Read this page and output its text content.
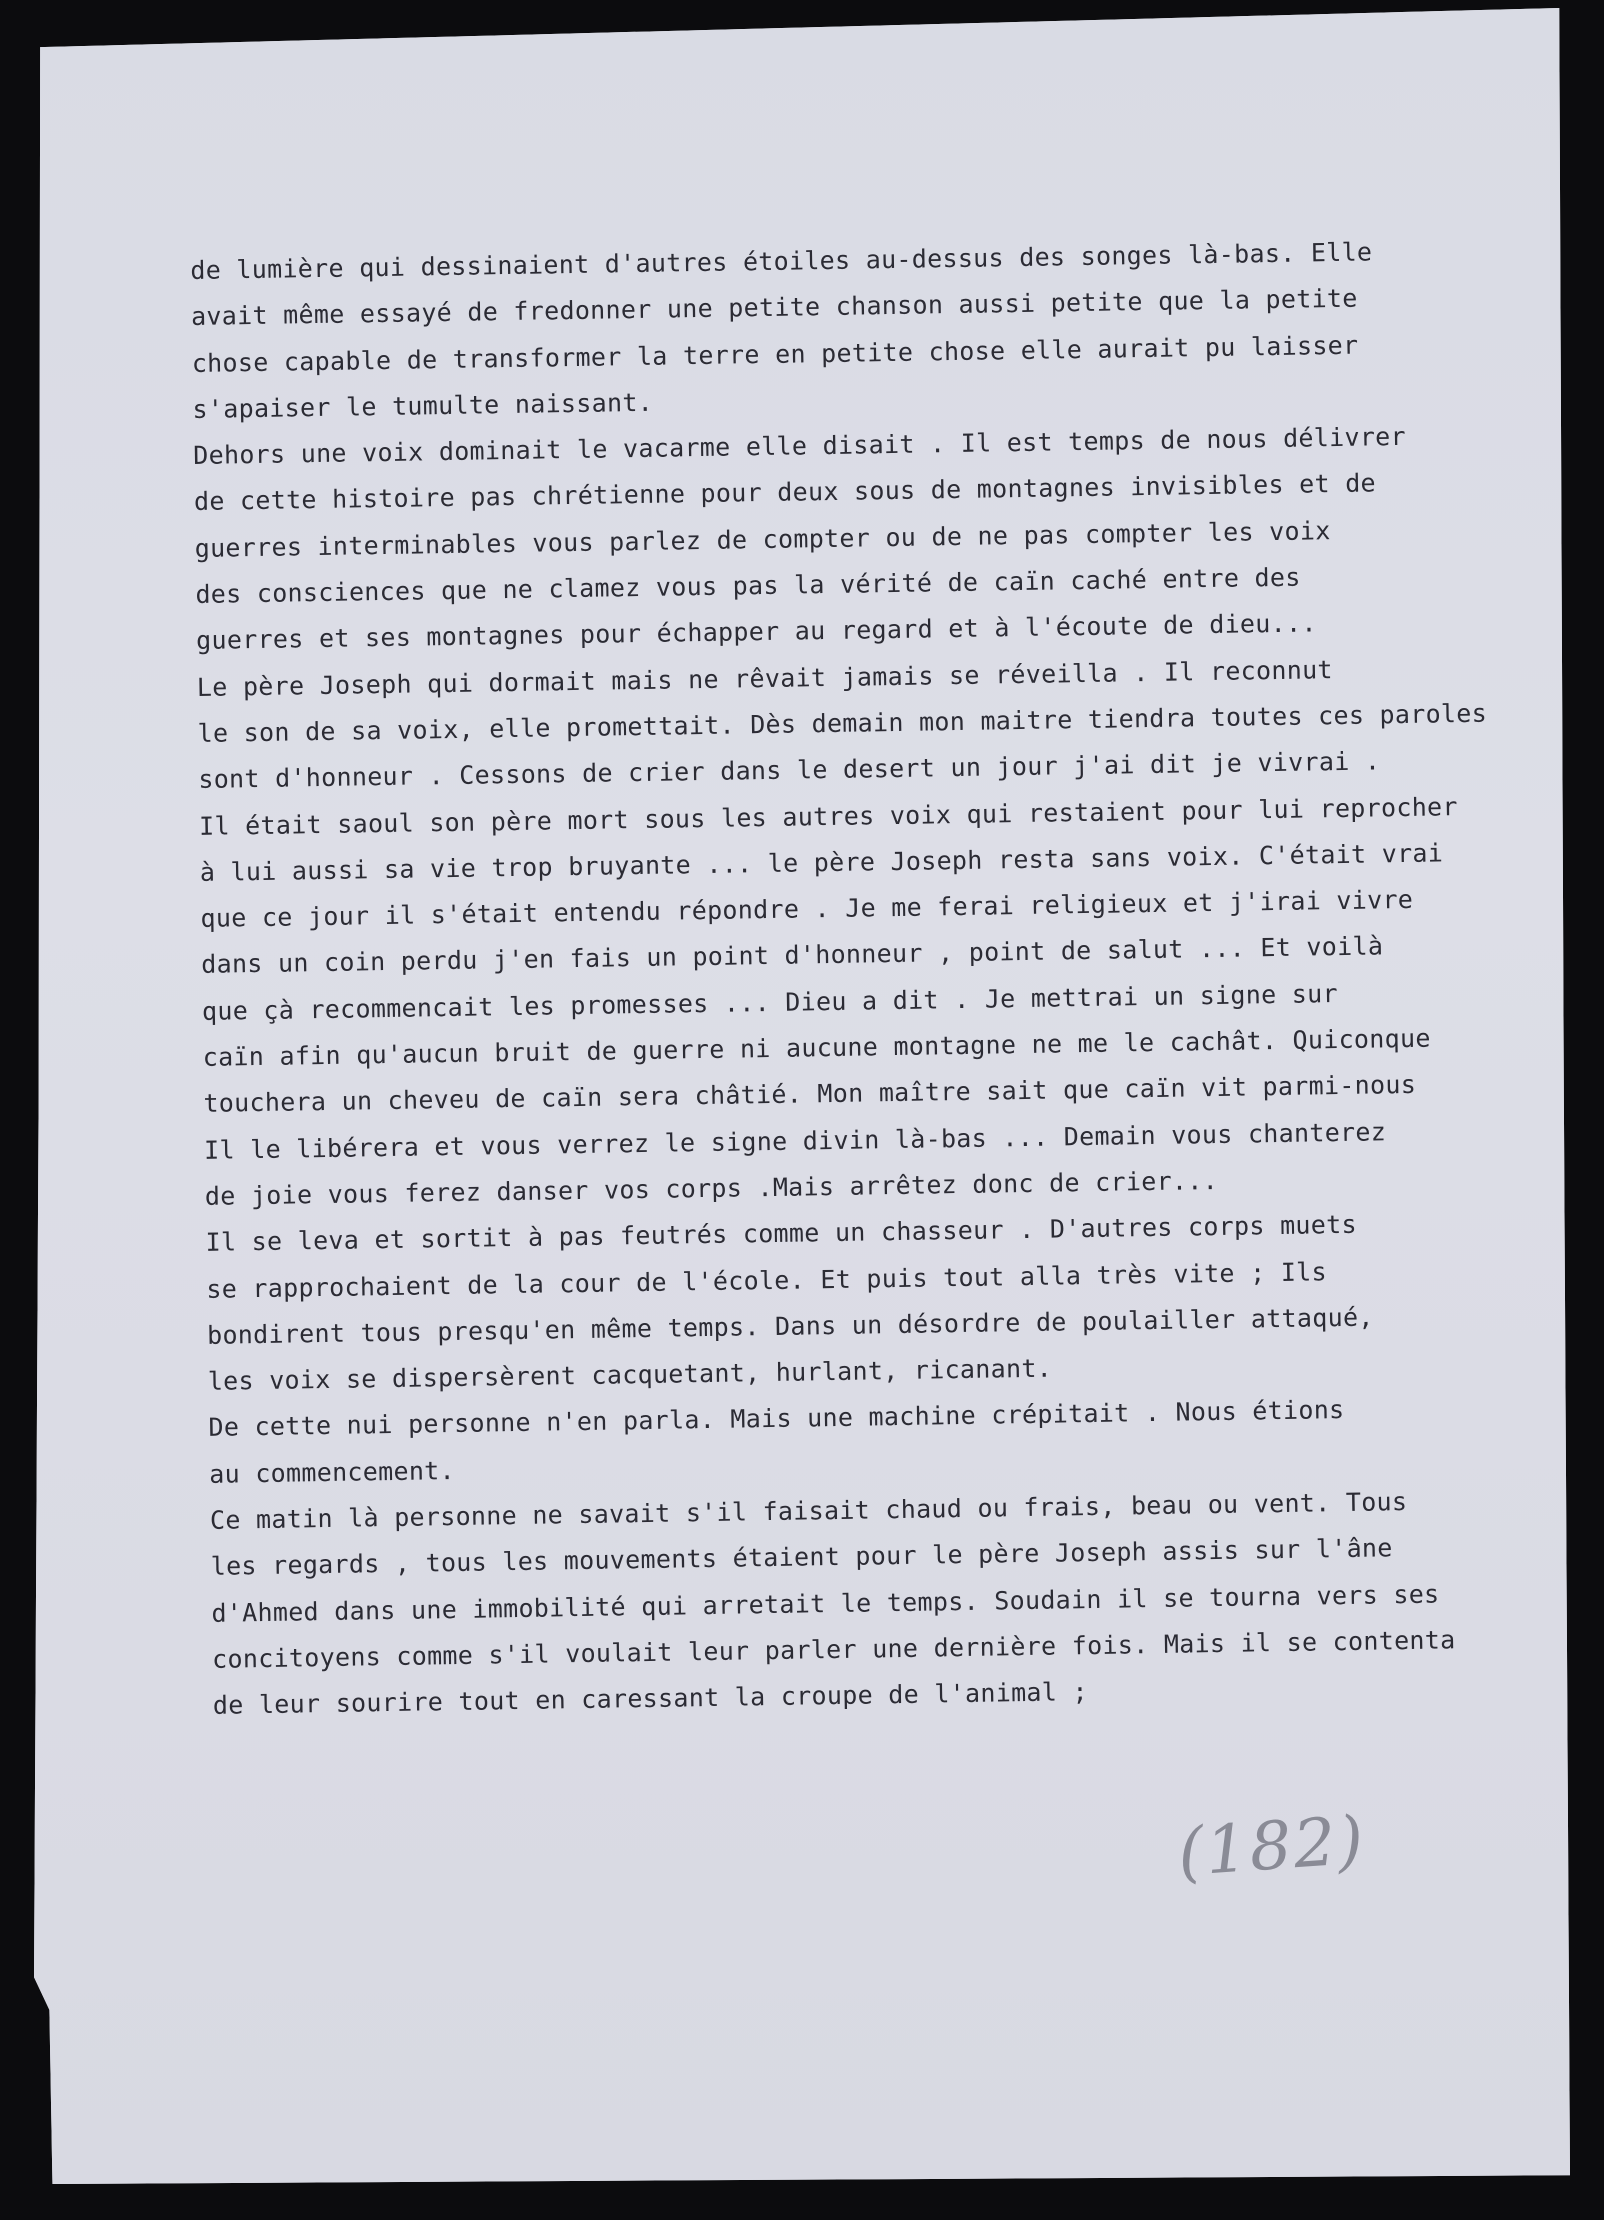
de lumière qui dessinaient d'autres étoiles au-dessus des songes là-bas. Elle
avait même essayé de fredonner une petite chanson aussi petite que la petite
chose capable de transformer la terre en petite chose elle aurait pu laisser
s'apaiser le tumulte naissant.
Dehors une voix dominait le vacarme elle disait . Il est temps de nous délivrer
de cette histoire pas chrétienne pour deux sous de montagnes invisibles et de
guerres interminables vous parlez de compter ou de ne pas compter les voix
des consciences que ne clamez vous pas la vérité de caïn caché entre des
guerres et ses montagnes pour échapper au regard et à l'écoute de dieu...
Le père Joseph qui dormait mais ne rêvait jamais se réveilla . Il reconnut
le son de sa voix, elle promettait. Dès demain mon maitre tiendra toutes ces paroles
sont d'honneur . Cessons de crier dans le desert un jour j'ai dit je vivrai .
Il était saoul son père mort sous les autres voix qui restaient pour lui reprocher
à lui aussi sa vie trop bruyante ... le père Joseph resta sans voix. C'était vrai
que ce jour il s'était entendu répondre . Je me ferai religieux et j'irai vivre
dans un coin perdu j'en fais un point d'honneur , point de salut ... Et voilà
que çà recommencait les promesses ... Dieu a dit . Je mettrai un signe sur
caïn afin qu'aucun bruit de guerre ni aucune montagne ne me le cachât. Quiconque
touchera un cheveu de caïn sera châtié. Mon maître sait que caïn vit parmi-nous
Il le libérera et vous verrez le signe divin là-bas ... Demain vous chanterez
de joie vous ferez danser vos corps .Mais arrêtez donc de crier...
Il se leva et sortit à pas feutrés comme un chasseur . D'autres corps muets
se rapprochaient de la cour de l'école. Et puis tout alla très vite ; Ils
bondirent tous presqu'en même temps. Dans un désordre de poulailler attaqué,
les voix se dispersèrent cacquetant, hurlant, ricanant.
De cette nui personne n'en parla. Mais une machine crépitait . Nous étions
au commencement.
Ce matin là personne ne savait s'il faisait chaud ou frais, beau ou vent. Tous
les regards , tous les mouvements étaient pour le père Joseph assis sur l'âne
d'Ahmed dans une immobilité qui arretait le temps. Soudain il se tourna vers ses
concitoyens comme s'il voulait leur parler une dernière fois. Mais il se contenta
de leur sourire tout en caressant la croupe de l'animal ;
(182)
